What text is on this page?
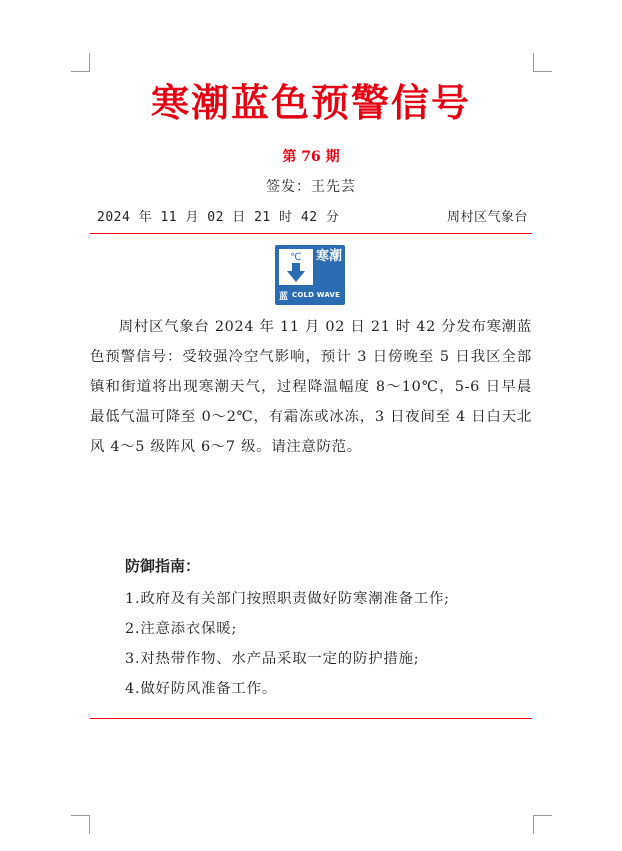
寒潮蓝色预警信号
第 76 期
签发：王先芸
2024 年 11 月 02 日 21 时 42 分	周村区气象台
℃	寒潮
蓝 COLD WAVE

周村区气象台 2024 年 11 月 02 日 21 时 42 分发布寒潮蓝色预警信号：受较强冷空气影响，预计 3 日傍晚至 5 日我区全部镇和街道将出现寒潮天气，过程降温幅度 8～10℃，5-6 日早晨最低气温可降至 0～2℃，有霜冻或冰冻，3 日夜间至 4 日白天北风 4～5 级阵风 6～7 级。请注意防范。

防御指南：
1.政府及有关部门按照职责做好防寒潮准备工作;
2.注意添衣保暖;
3.对热带作物、水产品采取一定的防护措施;
4.做好防风准备工作。
